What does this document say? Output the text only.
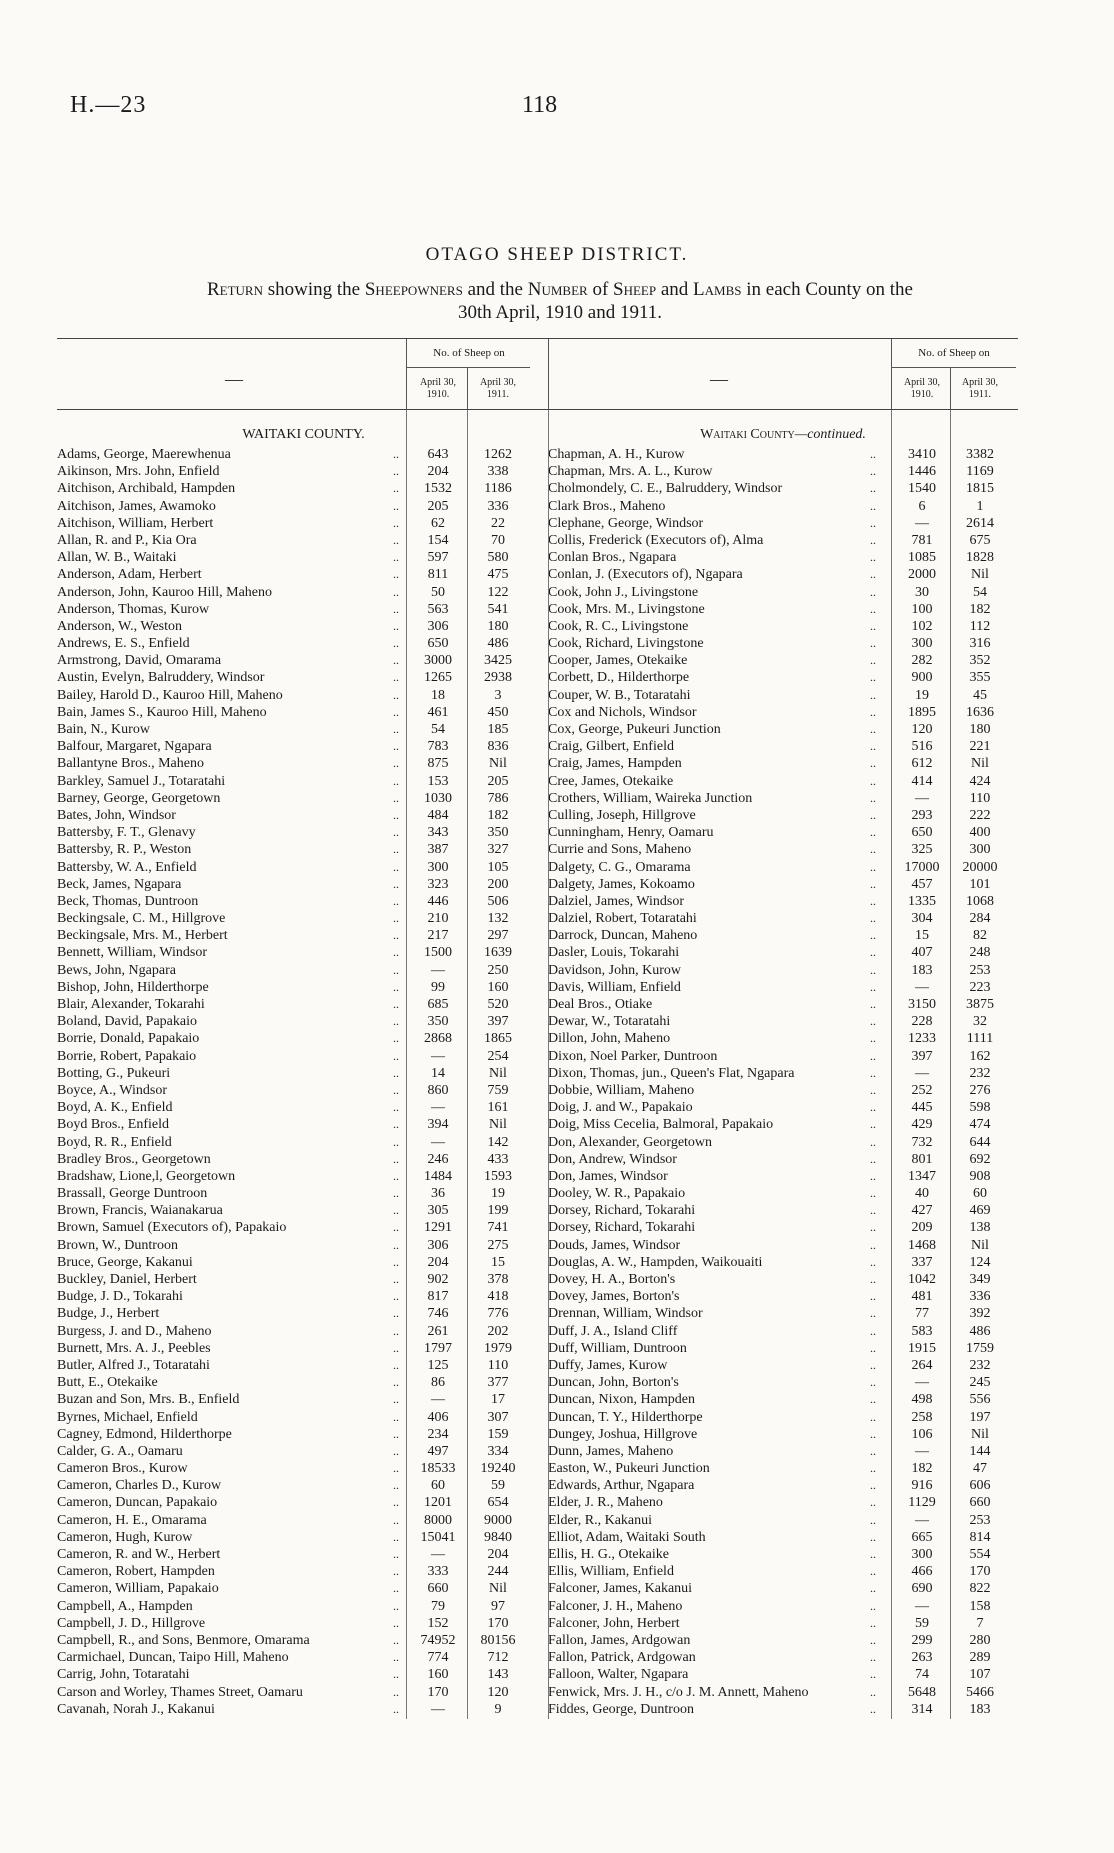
H.—23	118
OTAGO SHEEP DISTRICT.
Return showing the Sheepowners and the Number of Sheep and Lambs in each County on the
30th April, 1910 and 1911.
—
No. of Sheep on
April 30,
1910.
April 30,
1911.
WAITAKI COUNTY.
Adams, George, Maerewhenua	..	643	1262
Aikinson, Mrs. John, Enfield	..	204	338
Aitchison, Archibald, Hampden	..	1532	1186
Aitchison, James, Awamoko	..	205	336
Aitchison, William, Herbert	..	62	22
Allan, R. and P., Kia Ora	..	154	70
Allan, W. B., Waitaki	..	597	580
Anderson, Adam, Herbert	..	811	475
Anderson, John, Kauroo Hill, Maheno	..	50	122
Anderson, Thomas, Kurow	..	563	541
Anderson, W., Weston	..	306	180
Andrews, E. S., Enfield	..	650	486
Armstrong, David, Omarama	..	3000	3425
Austin, Evelyn, Balruddery, Windsor	..	1265	2938
Bailey, Harold D., Kauroo Hill, Maheno	..	18	3
Bain, James S., Kauroo Hill, Maheno	..	461	450
Bain, N., Kurow	..	54	185
Balfour, Margaret, Ngapara	..	783	836
Ballantyne Bros., Maheno	..	875	Nil
Barkley, Samuel J., Totaratahi	..	153	205
Barney, George, Georgetown	..	1030	786
Bates, John, Windsor	..	484	182
Battersby, F. T., Glenavy	..	343	350
Battersby, R. P., Weston	..	387	327
Battersby, W. A., Enfield	..	300	105
Beck, James, Ngapara	..	323	200
Beck, Thomas, Duntroon	..	446	506
Beckingsale, C. M., Hillgrove	..	210	132
Beckingsale, Mrs. M., Herbert	..	217	297
Bennett, William, Windsor	..	1500	1639
Bews, John, Ngapara	..	—	250
Bishop, John, Hilderthorpe	..	99	160
Blair, Alexander, Tokarahi	..	685	520
Boland, David, Papakaio	..	350	397
Borrie, Donald, Papakaio	..	2868	1865
Borrie, Robert, Papakaio	..	—	254
Botting, G., Pukeuri	..	14	Nil
Boyce, A., Windsor	..	860	759
Boyd, A. K., Enfield	..	—	161
Boyd Bros., Enfield	..	394	Nil
Boyd, R. R., Enfield	..	—	142
Bradley Bros., Georgetown	..	246	433
Bradshaw, Lione,l, Georgetown	..	1484	1593
Brassall, George Duntroon	..	36	19
Brown, Francis, Waianakarua	..	305	199
Brown, Samuel (Executors of), Papakaio	..	1291	741
Brown, W., Duntroon	..	306	275
Bruce, George, Kakanui	..	204	15
Buckley, Daniel, Herbert	..	902	378
Budge, J. D., Tokarahi	..	817	418
Budge, J., Herbert	..	746	776
Burgess, J. and D., Maheno	..	261	202
Burnett, Mrs. A. J., Peebles	..	1797	1979
Butler, Alfred J., Totaratahi	..	125	110
Butt, E., Otekaike	..	86	377
Buzan and Son, Mrs. B., Enfield	..	—	17
Byrnes, Michael, Enfield	..	406	307
Cagney, Edmond, Hilderthorpe	..	234	159
Calder, G. A., Oamaru	..	497	334
Cameron Bros., Kurow	..	18533	19240
Cameron, Charles D., Kurow	..	60	59
Cameron, Duncan, Papakaio	..	1201	654
Cameron, H. E., Omarama	..	8000	9000
Cameron, Hugh, Kurow	..	15041	9840
Cameron, R. and W., Herbert	..	—	204
Cameron, Robert, Hampden	..	333	244
Cameron, William, Papakaio	..	660	Nil
Campbell, A., Hampden	..	79	97
Campbell, J. D., Hillgrove	..	152	170
Campbell, R., and Sons, Benmore, Omarama	..	74952	80156
Carmichael, Duncan, Taipo Hill, Maheno	..	774	712
Carrig, John, Totaratahi	..	160	143
Carson and Worley, Thames Street, Oamaru	..	170	120
Cavanah, Norah J., Kakanui	..	—	9
—
No. of Sheep on
April 30,
1910.
April 30,
1911.
Waitaki County—continued.
Chapman, A. H., Kurow	..	3410	3382
Chapman, Mrs. A. L., Kurow	..	1446	1169
Cholmondely, C. E., Balruddery, Windsor	..	1540	1815
Clark Bros., Maheno	..	6	1
Clephane, George, Windsor	..	—	2614
Collis, Frederick (Executors of), Alma	..	781	675
Conlan Bros., Ngapara	..	1085	1828
Conlan, J. (Executors of), Ngapara	..	2000	Nil
Cook, John J., Livingstone	..	30	54
Cook, Mrs. M., Livingstone	..	100	182
Cook, R. C., Livingstone	..	102	112
Cook, Richard, Livingstone	..	300	316
Cooper, James, Otekaike	..	282	352
Corbett, D., Hilderthorpe	..	900	355
Couper, W. B., Totaratahi	..	19	45
Cox and Nichols, Windsor	..	1895	1636
Cox, George, Pukeuri Junction	..	120	180
Craig, Gilbert, Enfield	..	516	221
Craig, James, Hampden	..	612	Nil
Cree, James, Otekaike	..	414	424
Crothers, William, Waireka Junction	..	—	110
Culling, Joseph, Hillgrove	..	293	222
Cunningham, Henry, Oamaru	..	650	400
Currie and Sons, Maheno	..	325	300
Dalgety, C. G., Omarama	..	17000	20000
Dalgety, James, Kokoamo	..	457	101
Dalziel, James, Windsor	..	1335	1068
Dalziel, Robert, Totaratahi	..	304	284
Darrock, Duncan, Maheno	..	15	82
Dasler, Louis, Tokarahi	..	407	248
Davidson, John, Kurow	..	183	253
Davis, William, Enfield	..	—	223
Deal Bros., Otiake	..	3150	3875
Dewar, W., Totaratahi	..	228	32
Dillon, John, Maheno	..	1233	1111
Dixon, Noel Parker, Duntroon	..	397	162
Dixon, Thomas, jun., Queen's Flat, Ngapara	..	—	232
Dobbie, William, Maheno	..	252	276
Doig, J. and W., Papakaio	..	445	598
Doig, Miss Cecelia, Balmoral, Papakaio	..	429	474
Don, Alexander, Georgetown	..	732	644
Don, Andrew, Windsor	..	801	692
Don, James, Windsor	..	1347	908
Dooley, W. R., Papakaio	..	40	60
Dorsey, Richard, Tokarahi	..	427	469
Dorsey, Richard, Tokarahi	..	209	138
Douds, James, Windsor	..	1468	Nil
Douglas, A. W., Hampden, Waikouaiti	..	337	124
Dovey, H. A., Borton's	..	1042	349
Dovey, James, Borton's	..	481	336
Drennan, William, Windsor	..	77	392
Duff, J. A., Island Cliff	..	583	486
Duff, William, Duntroon	..	1915	1759
Duffy, James, Kurow	..	264	232
Duncan, John, Borton's	..	—	245
Duncan, Nixon, Hampden	..	498	556
Duncan, T. Y., Hilderthorpe	..	258	197
Dungey, Joshua, Hillgrove	..	106	Nil
Dunn, James, Maheno	..	—	144
Easton, W., Pukeuri Junction	..	182	47
Edwards, Arthur, Ngapara	..	916	606
Elder, J. R., Maheno	..	1129	660
Elder, R., Kakanui	..	—	253
Elliot, Adam, Waitaki South	..	665	814
Ellis, H. G., Otekaike	..	300	554
Ellis, William, Enfield	..	466	170
Falconer, James, Kakanui	..	690	822
Falconer, J. H., Maheno	..	—	158
Falconer, John, Herbert	..	59	7
Fallon, James, Ardgowan	..	299	280
Fallon, Patrick, Ardgowan	..	263	289
Falloon, Walter, Ngapara	..	74	107
Fenwick, Mrs. J. H., c/o J. M. Annett, Maheno	..	5648	5466
Fiddes, George, Duntroon	..	314	183
